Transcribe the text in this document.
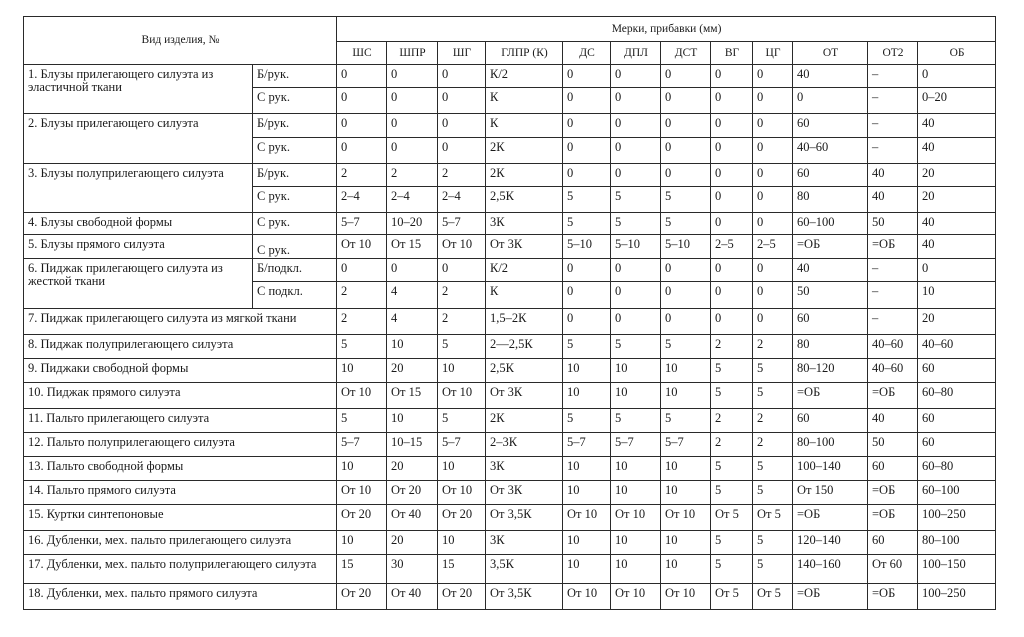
Вид изделия, №		Мерки, прибавки (мм)											
		ШС	ШПР	ШГ	ГЛПР (К)	ДС	ДПЛ	ДСТ	ВГ	ЦГ	ОТ	ОТ2	ОБ
1. Блузы прилегающего силуэта из эластичной ткани	Б/рук.	0	0	0	К/2	0	0	0	0	0	40	–	0
	С рук.	0	0	0	К	0	0	0	0	0	0	–	0–20
2. Блузы прилегающего силуэта	Б/рук.	0	0	0	К	0	0	0	0	0	60	–	40
	С рук.	0	0	0	2К	0	0	0	0	0	40–60	–	40
3. Блузы полуприлегающего силуэта	Б/рук.	2	2	2	2К	0	0	0	0	0	60	40	20
	С рук.	2–4	2–4	2–4	2,5К	5	5	5	0	0	80	40	20
4. Блузы свободной формы	С рук.	5–7	10–20	5–7	3К	5	5	5	0	0	60–100	50	40
5. Блузы прямого силуэта	С рук.	От 10	От 15	От 10	От 3К	5–10	5–10	5–10	2–5	2–5	=ОБ	=ОБ	40
6. Пиджак прилегающего силуэта из жесткой ткани	Б/подкл.	0	0	0	К/2	0	0	0	0	0	40	–	0
	С подкл.	2	4	2	К	0	0	0	0	0	50	–	10
7. Пиджак прилегающего силуэта из мягкой ткани		2	4	2	1,5–2К	0	0	0	0	0	60	–	20
8. Пиджак полуприлегающего силуэта		5	10	5	2—2,5К	5	5	5	2	2	80	40–60	40–60
9. Пиджаки свободной формы		10	20	10	2,5К	10	10	10	5	5	80–120	40–60	60
10. Пиджак прямого силуэта		От 10	От 15	От 10	От 3К	10	10	10	5	5	=ОБ	=ОБ	60–80
11. Пальто прилегающего силуэта		5	10	5	2К	5	5	5	2	2	60	40	60
12. Пальто полуприлегающего силуэта		5–7	10–15	5–7	2–3К	5–7	5–7	5–7	2	2	80–100	50	60
13. Пальто свободной формы		10	20	10	3К	10	10	10	5	5	100–140	60	60–80
14. Пальто прямого силуэта		От 10	От 20	От 10	От 3К	10	10	10	5	5	От 150	=ОБ	60–100
15. Куртки синтепоновые		От 20	От 40	От 20	От 3,5К	От 10	От 10	От 10	От 5	От 5	=ОБ	=ОБ	100–250
16. Дубленки, мех. пальто прилегающего силуэта		10	20	10	3К	10	10	10	5	5	120–140	60	80–100
17. Дубленки, мех. пальто полуприлегающего силуэта		15	30	15	3,5К	10	10	10	5	5	140–160	От 60	100–150
18. Дубленки, мех. пальто прямого силуэта		От 20	От 40	От 20	От 3,5К	От 10	От 10	От 10	От 5	От 5	=ОБ	=ОБ	100–250
